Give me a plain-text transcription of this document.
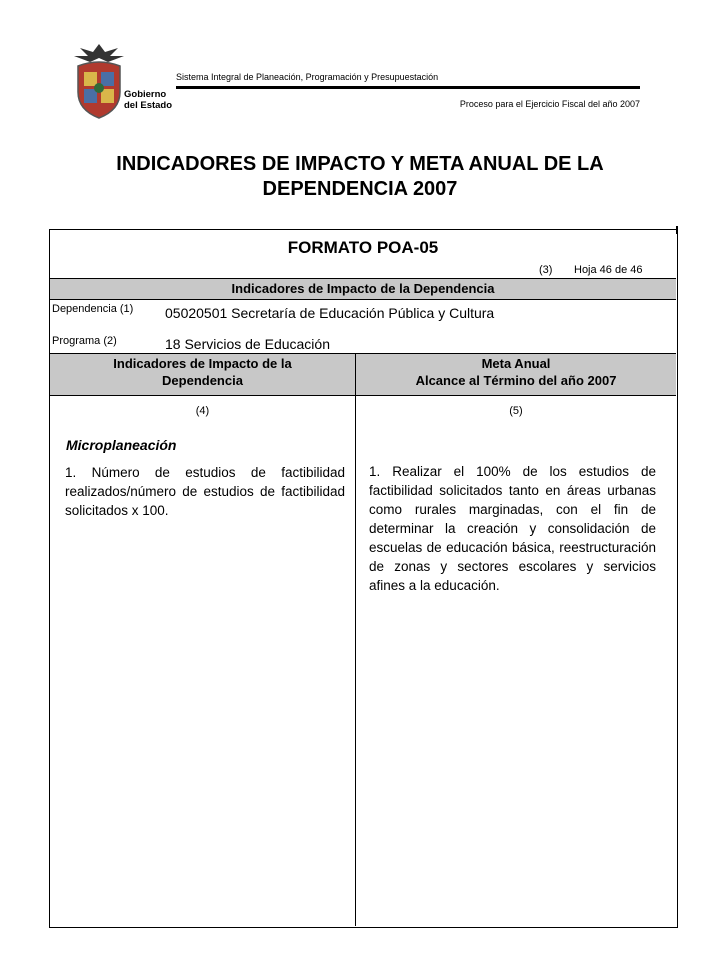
Gobierno
del Estado
Sistema Integral de Planeación, Programación y Presupuestación
Proceso para el Ejercicio Fiscal del año 2007
INDICADORES DE IMPACTO Y META ANUAL DE LA
DEPENDENCIA 2007
FORMATO POA-05
(3) Hoja 46 de 46
Indicadores de Impacto de la Dependencia
Dependencia (1) 05020501 Secretaría de Educación Pública y Cultura
Programa (2)	18 Servicios de Educación
Indicadores de Impacto de la
Dependencia
Meta Anual
Alcance al Término del año 2007
(4)	(5)
Microplaneación
1. Número de estudios de factibilidad realizados/número de estudios de factibilidad solicitados x 100.
1. Realizar el 100% de los estudios de factibilidad solicitados tanto en áreas urbanas como rurales marginadas, con el fin de determinar la creación y consolidación de escuelas de educación básica, reestructuración de zonas y sectores escolares y servicios afines a la educación.
